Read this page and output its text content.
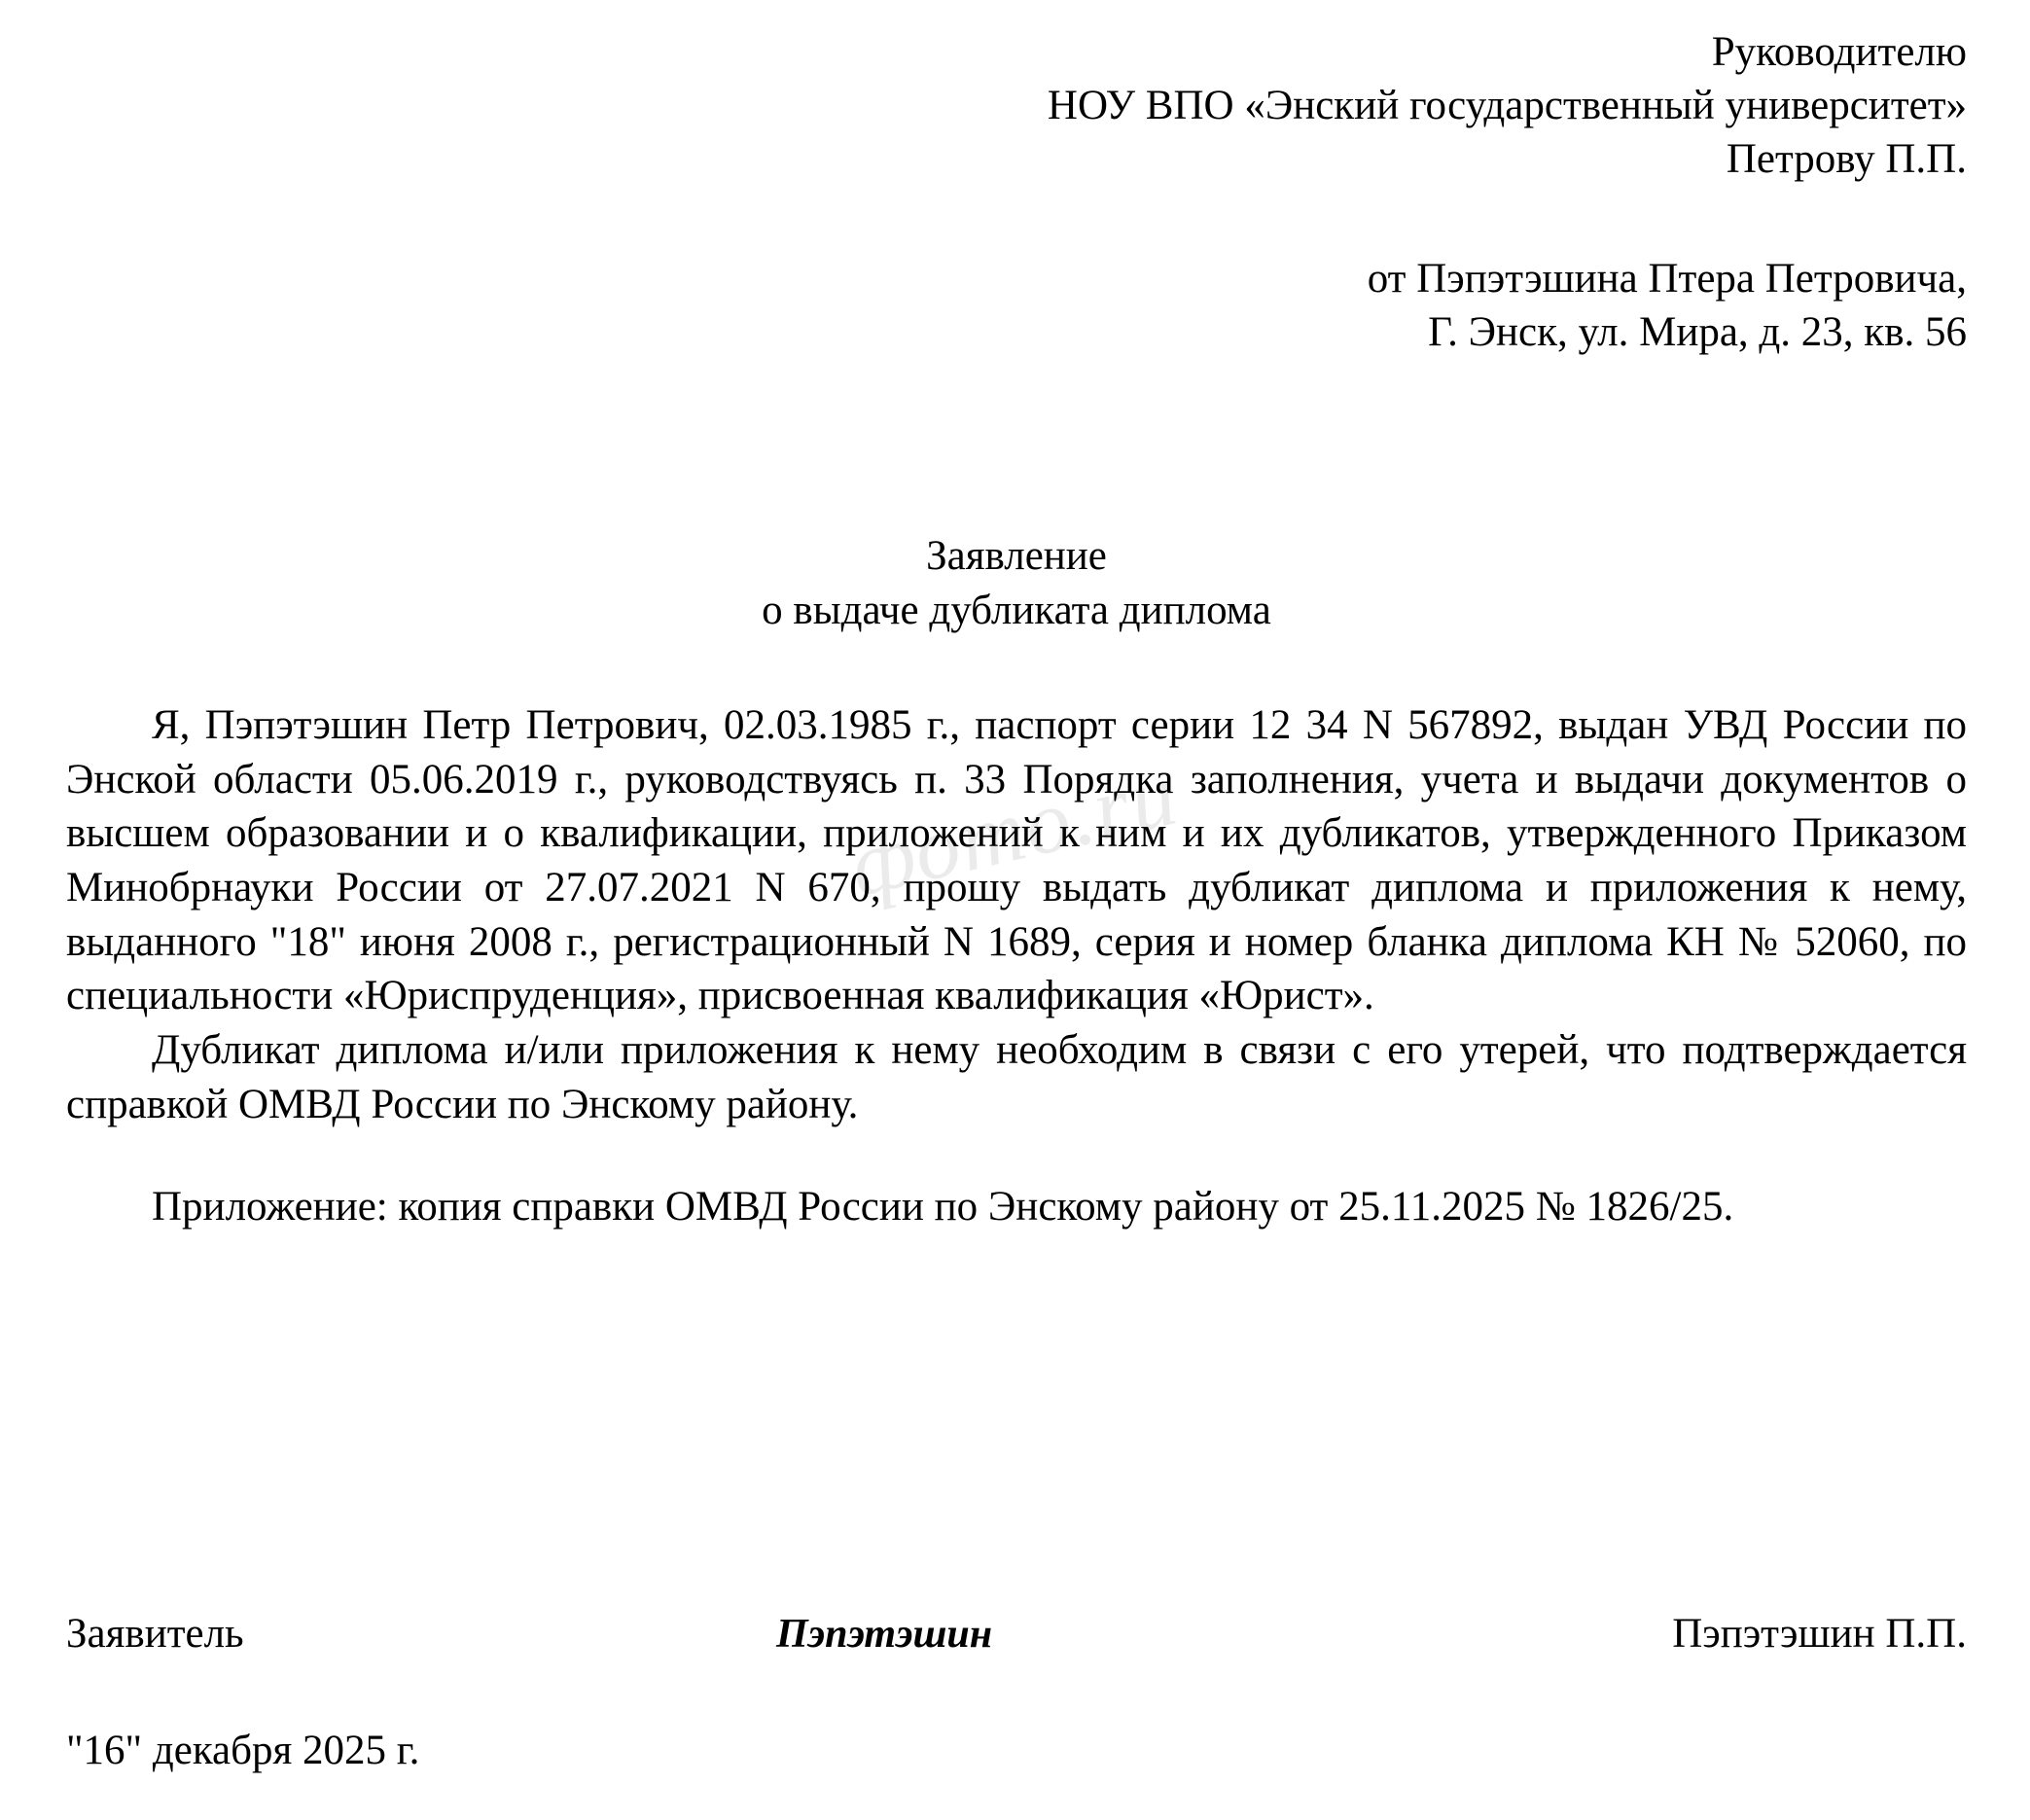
фото.ru
Руководителю
НОУ ВПО «Энский государственный университет»
Петрову П.П.
от Пэпэтэшина Птера Петровича,
Г. Энск, ул. Мира, д. 23, кв. 56
Заявление
о выдаче дубликата диплома

Я, Пэпэтэшин Петр Петрович, 02.03.1985 г., паспорт серии 12 34 N 567892, выдан УВД России по Энской области 05.06.2019 г., руководствуясь п. 33 Порядка заполнения, учета и выдачи документов о высшем образовании и о квалификации, приложений к ним и их дубликатов, утвержденного Приказом Минобрнауки России от 27.07.2021 N 670, прошу выдать дубликат диплома и приложения к нему, выданного "18" июня 2008 г., регистрационный N 1689, серия и номер бланка диплома КН № 52060, по специальности «Юриспруденция», присвоенная квалификация «Юрист».

Дубликат диплома и/или приложения к нему необходим в связи с его утерей, что подтверждается справкой ОМВД России по Энскому району.

Приложение: копия справки ОМВД России по Энскому району от 25.11.2025 № 1826/25.

Заявитель	Пэпэтэшин	Пэпэтэшин П.П.
"16" декабря 2025 г.
